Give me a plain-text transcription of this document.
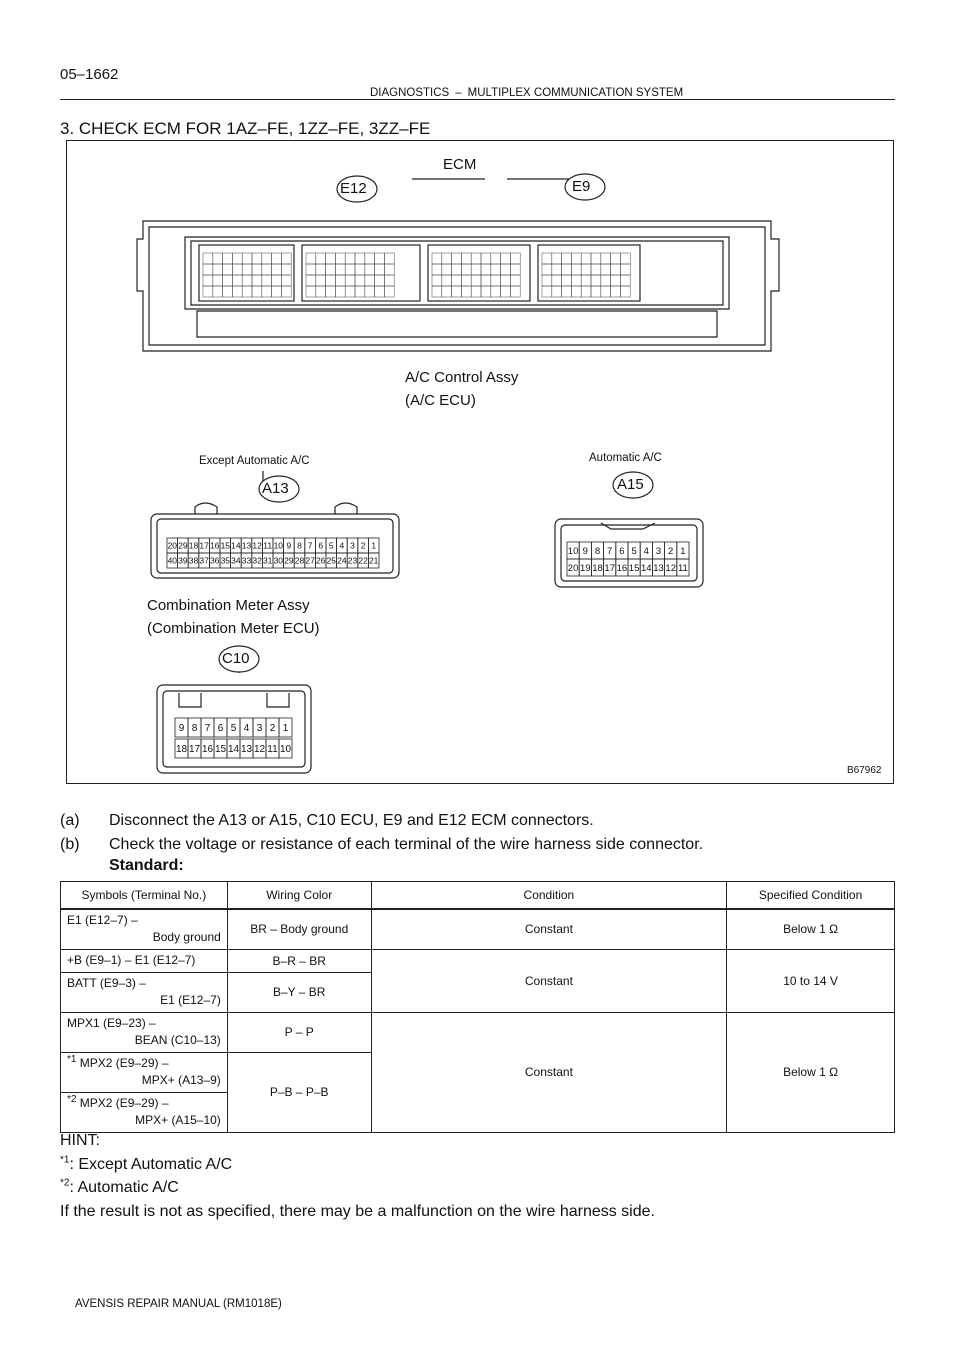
05–1662
DIAGNOSTICS – MULTIPLEX COMMUNICATION SYSTEM
3. CHECK ECM FOR 1AZ–FE, 1ZZ–FE, 3ZZ–FE
20 29 18 17 16 15 14 13 12 11 10 9 8 7 6 5 4 3 2 1
40 39 38 37 36 35 34 33 32 31 30 29 28 27 26 25 24 23 22 21
10 9 8 7 6 5 4 3 2 1
20 19 18 17 16 15 14 13 12 11
9 8 7 6 5 4 3 2 1
18 17 16 15 14 13 12 11 10
ECM
E12	E9
A/C Control Assy
(A/C ECU)
Except Automatic A/C	Automatic A/C
A13	A15
Combination Meter Assy
(Combination Meter ECU)
C10
B67962
(a)	Disconnect the A13 or A15, C10 ECU, E9 and E12 ECM connectors.
(b)	Check the voltage or resistance of each terminal of the wire harness side connector.
Standard:
Symbols (Terminal No.)	Wiring Color	Condition	Specified Condition

E1 (E12–7) –
Body ground	BR – Body ground	Constant	Below 1 Ω

+B (E9–1) – E1 (E12–7)	B–R – BR	Constant	10 to 14 V

BATT (E9–3) –
E1 (E12–7)	B–Y – BR		

MPX1 (E9–23) –
BEAN (C10–13)	P – P	Constant	Below 1 Ω

$^{*1}$ MPX2 (E9–29) –
MPX+ (A13–9)	P–B – P–B		

$^{*2}$ MPX2 (E9–29) –
MPX+ (A15–10)			
HINT:
$^{*1}$: Except Automatic A/C
$^{*2}$: Automatic A/C
If the result is not as specified, there may be a malfunction on the wire harness side.
AVENSIS REPAIR MANUAL (RM1018E)
